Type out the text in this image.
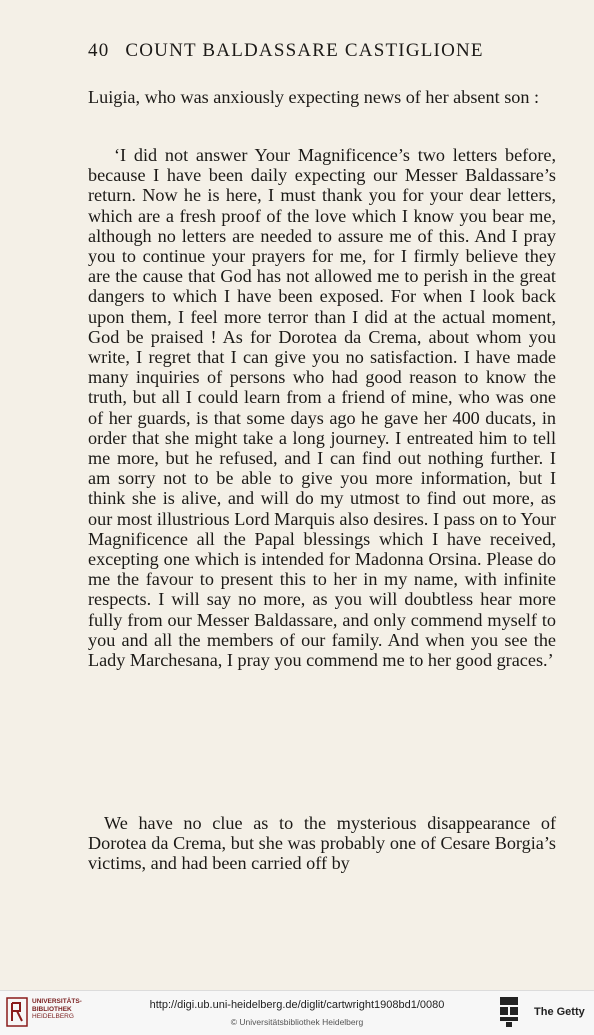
40 COUNT BALDASSARE CASTIGLIONE

Luigia, who was anxiously expecting news of her absent son :

‘I did not answer Your Magnificence’s two letters before, because I have been daily expecting our Messer Baldassare’s return. Now he is here, I must thank you for your dear letters, which are a fresh proof of the love which I know you bear me, although no letters are needed to assure me of this. And I pray you to continue your prayers for me, for I firmly believe they are the cause that God has not allowed me to perish in the great dangers to which I have been exposed. For when I look back upon them, I feel more terror than I did at the actual moment, God be praised ! As for Dorotea da Crema, about whom you write, I regret that I can give you no satisfaction. I have made many inquiries of persons who had good reason to know the truth, but all I could learn from a friend of mine, who was one of her guards, is that some days ago he gave her 400 ducats, in order that she might take a long journey. I entreated him to tell me more, but he refused, and I can find out nothing further. I am sorry not to be able to give you more information, but I think she is alive, and will do my utmost to find out more, as our most illustrious Lord Marquis also desires. I pass on to Your Magnificence all the Papal blessings which I have received, excepting one which is intended for Madonna Orsina. Please do me the favour to present this to her in my name, with infinite respects. I will say no more, as you will doubtless hear more fully from our Messer Baldassare, and only commend myself to you and all the members of our family. And when you see the Lady Marchesana, I pray you commend me to her good graces.’

We have no clue as to the mysterious disappearance of Dorotea da Crema, but she was probably one of Cesare Borgia’s victims, and had been carried off by

UNIVERSITÄTS-
BIBLIOTHEK
HEIDELBERG
http://digi.ub.uni-heidelberg.de/diglit/cartwright1908bd1/0080
© Universitätsbibliothek Heidelberg
The Getty
